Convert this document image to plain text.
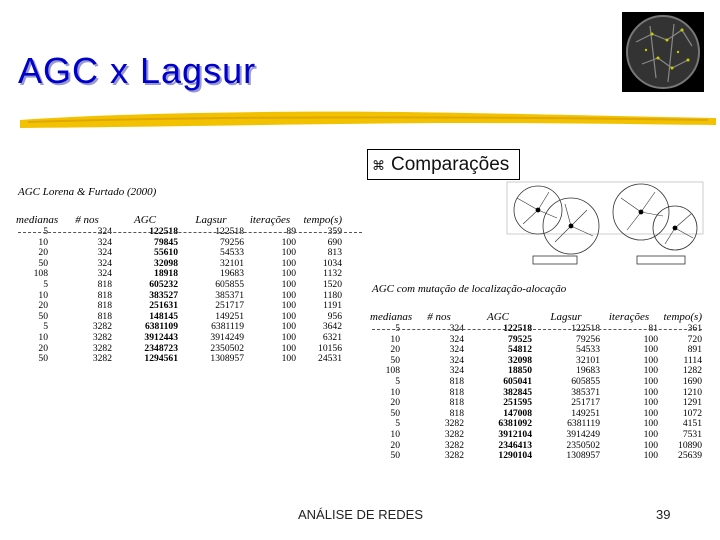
AGC x Lagsur
⌘ Comparações
AGC Lorena & Furtado (2000)
medianas	# nos	AGC	Lagsur	iterações	tempo(s)
5	324	122518	122518	89	359
10	324	79845	79256	100	690
20	324	55610	54533	100	813
50	324	32098	32101	100	1034
108	324	18918	19683	100	1132
5	818	605232	605855	100	1520
10	818	383527	385371	100	1180
20	818	251631	251717	100	1191
50	818	148145	149251	100	956
5	3282	6381109	6381119	100	3642
10	3282	3912443	3914249	100	6321
20	3282	2348723	2350502	100	10156
50	3282	1294561	1308957	100	24531
AGC com mutação de localização-alocação
medianas	# nos	AGC	Lagsur	iterações	tempo(s)
5	324	122518	122518	81	361
10	324	79525	79256	100	720
20	324	54812	54533	100	891
50	324	32098	32101	100	1114
108	324	18850	19683	100	1282
5	818	605041	605855	100	1690
10	818	382845	385371	100	1210
20	818	251595	251717	100	1291
50	818	147008	149251	100	1072
5	3282	6381092	6381119	100	4151
10	3282	3912104	3914249	100	7531
20	3282	2346413	2350502	100	10890
50	3282	1290104	1308957	100	25639
ANÁLISE DE REDES	39
